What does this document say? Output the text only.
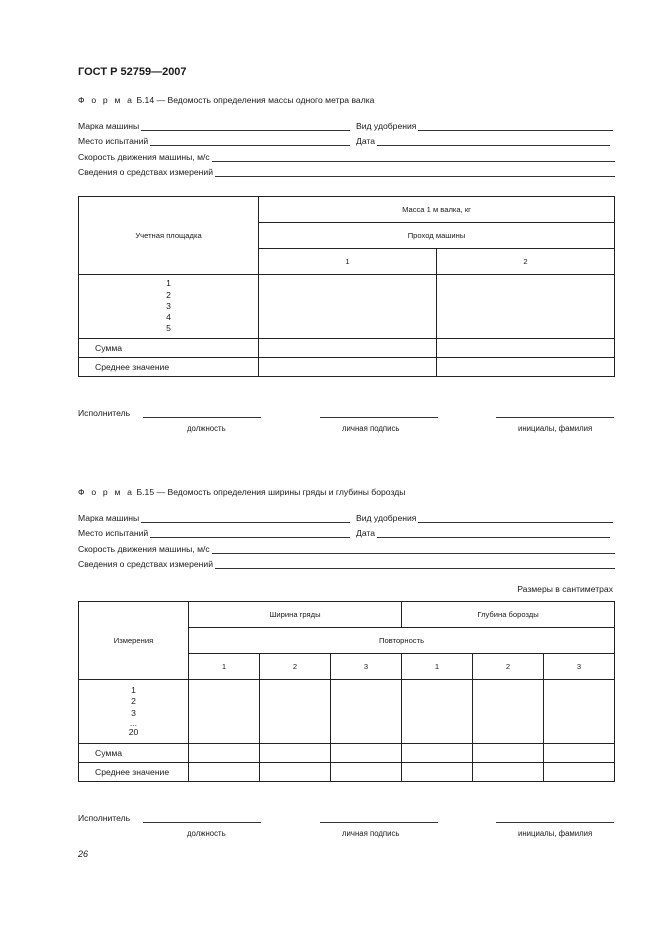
ГОСТ Р 52759—2007
Ф о р м а Б.14 — Ведомость определения массы одного метра валка
Марка машины	Вид удобрения
Место испытаний	Дата
Скорость движения машины, м/с
Сведения о средствах измерений
Учетная площадка	Масса 1 м валка, кг	
	Проход машины	
	1	2

1
2
3
4
5		

Сумма		
Среднее значение		
Исполнитель
должность	личная подпись	инициалы, фамилия
Ф о р м а Б.15 — Ведомость определения ширины гряды и глубины борозды
Марка машины	Вид удобрения
Место испытаний	Дата
Скорость движения машины, м/с
Сведения о средствах измерений
Размеры в сантиметрах
Измерения	Ширина гряды			Глубина борозды		
	Повторность					
	1	2	3	1	2	3

1
2
3
...
20						

Сумма						
Среднее значение						
Исполнитель
должность	личная подпись	инициалы, фамилия
26
